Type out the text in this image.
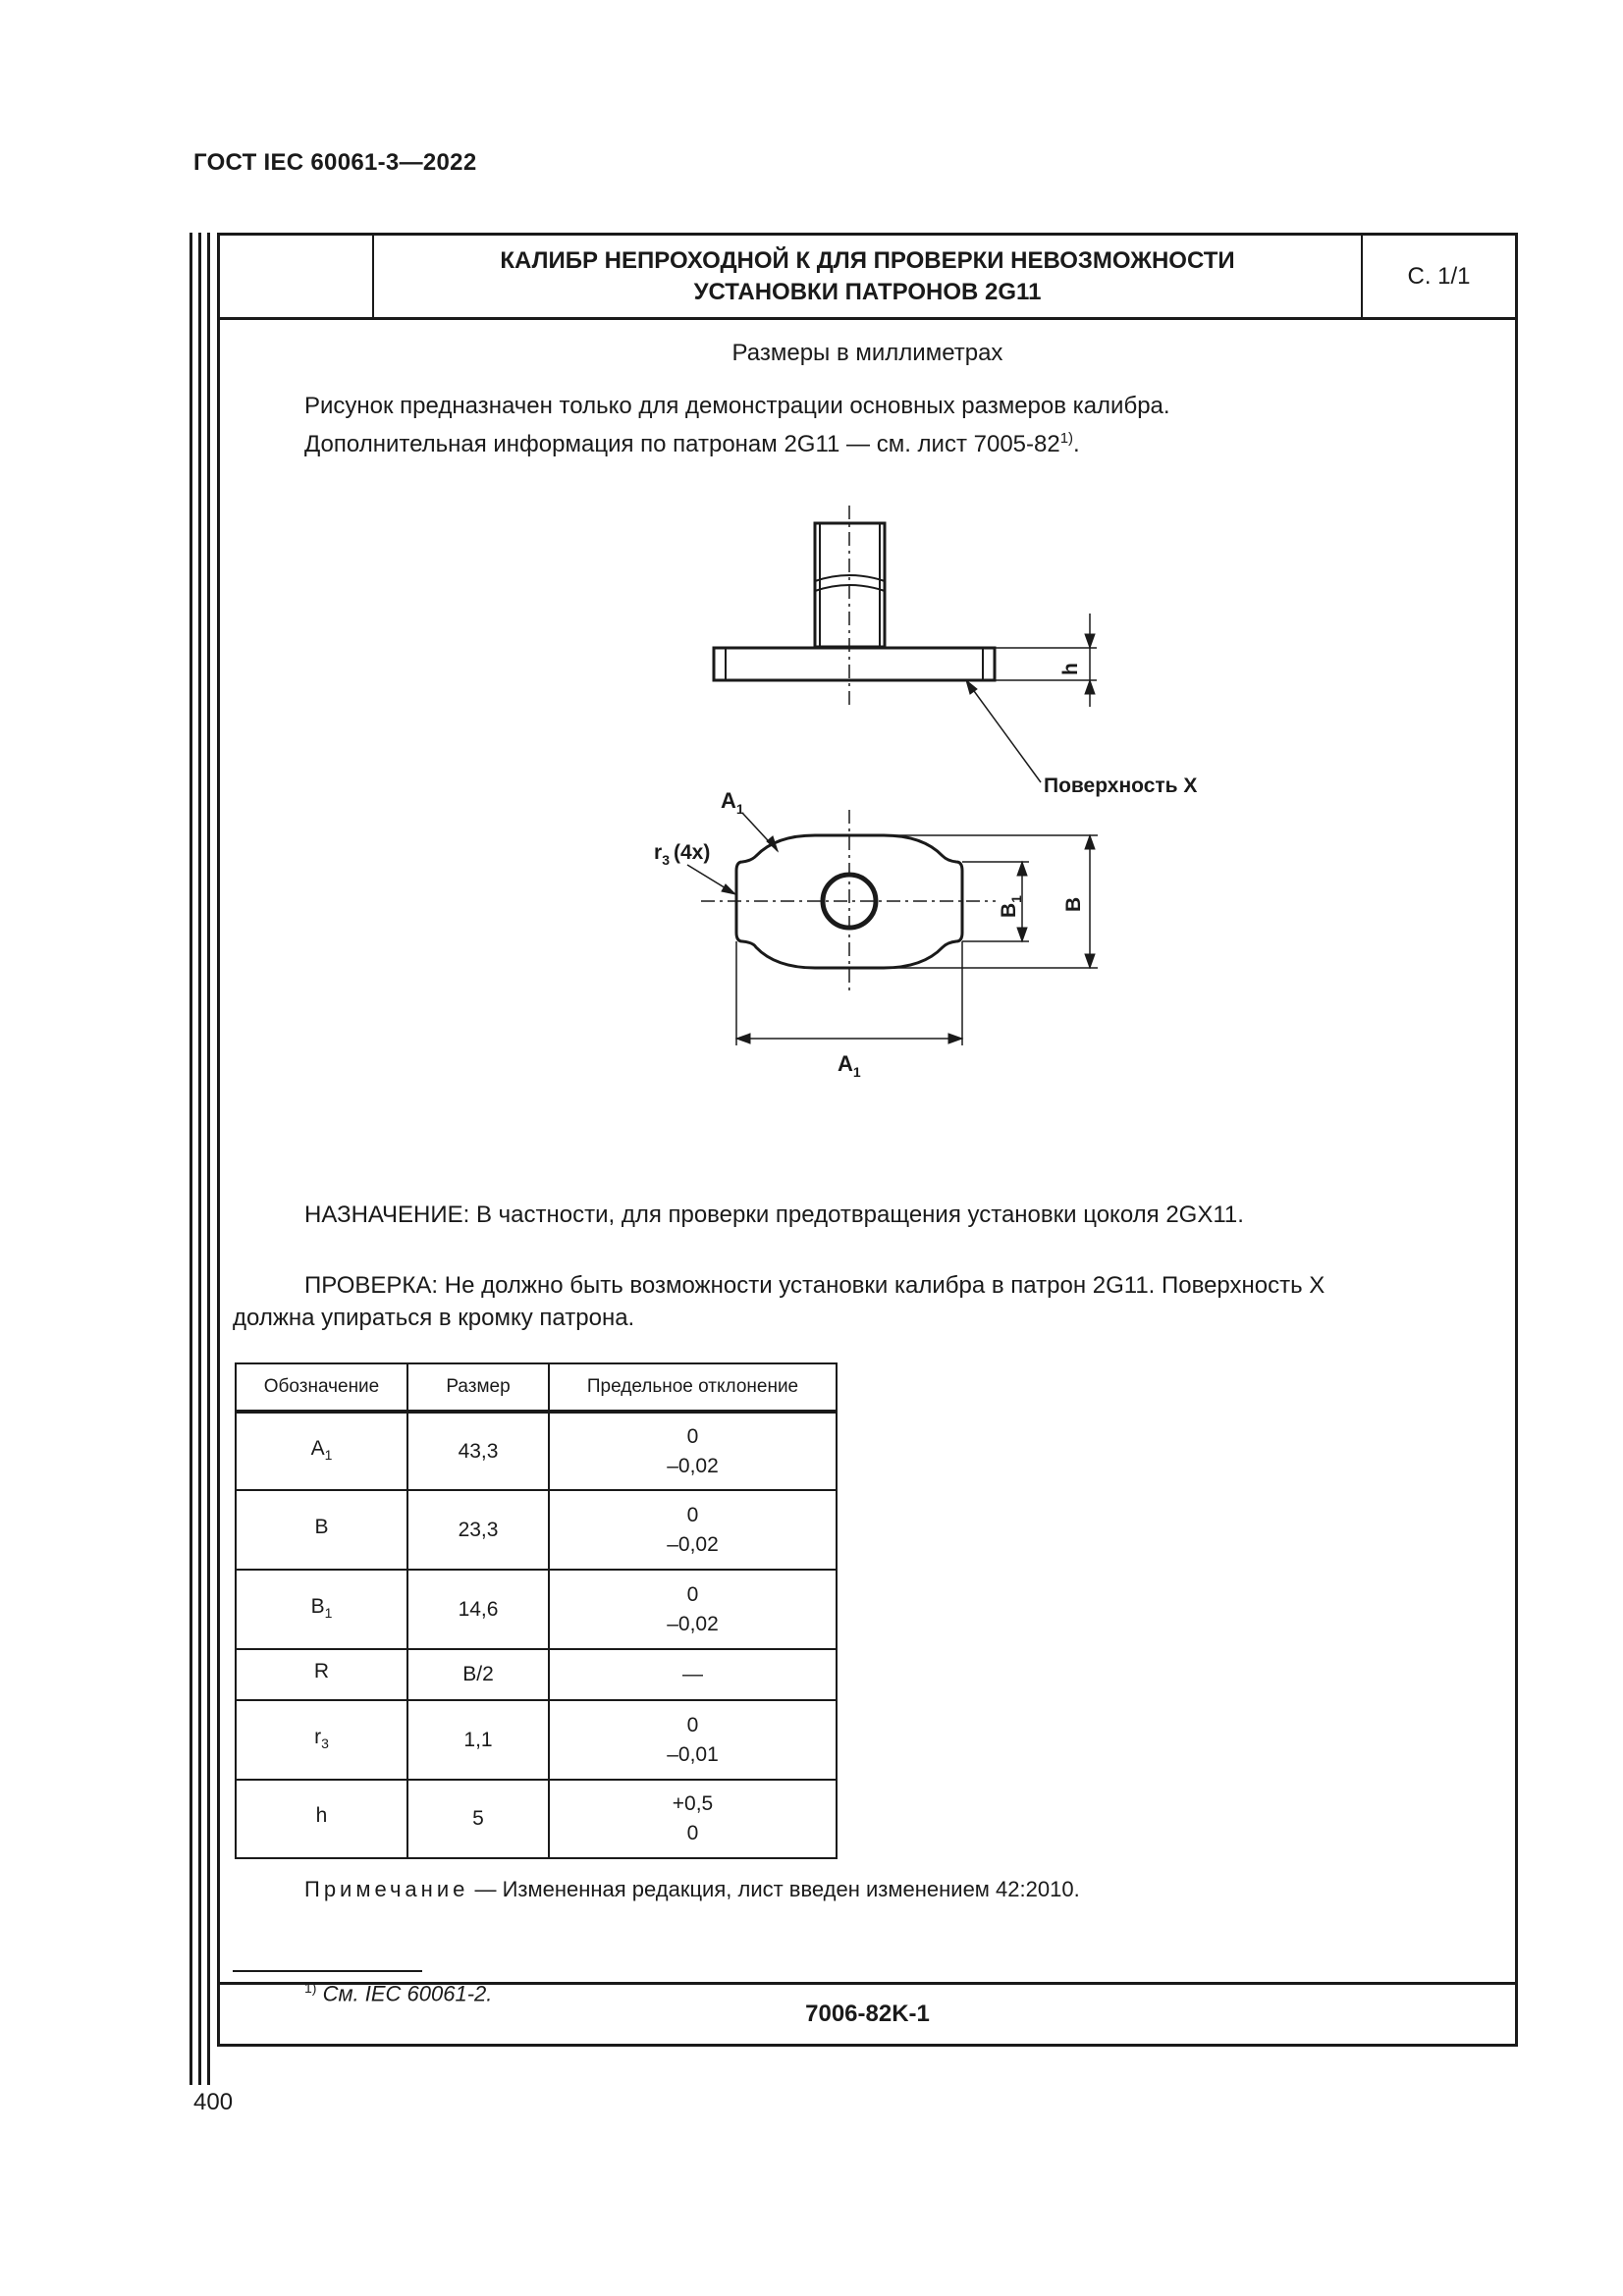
ГОСТ IEC 60061-3—2022
КАЛИБР НЕПРОХОДНОЙ К ДЛЯ ПРОВЕРКИ НЕВОЗМОЖНОСТИ
УСТАНОВКИ ПАТРОНОВ 2G11
С. 1/1
Размеры в миллиметрах
Рисунок предназначен только для демонстрации основных размеров калибра.
Дополнительная информация по патронам 2G11 — см. лист 7005-82$^{1)}$.
Поверхность X
h
$A_1$
$r_3$ (4x)
B
$B_1$
$A_1$
НАЗНАЧЕНИЕ: В частности, для проверки предотвращения установки цоколя 2GX11.
ПРОВЕРКА: Не должно быть возможности установки калибра в патрон 2G11. Поверхность X
должна упираться в кромку патрона.
Обозначение	Размер	Предельное отклонение
$A_1$	43,3	0
–0,02

B	23,3	0
–0,02

$B_1$	14,6	0
–0,02

R	B/2	—
$r_3$	1,1	0
–0,01

h	5	+0,5
0
Примечание — Измененная редакция, лист введен изменением 42:2010.
$^{1)}$ См. IEC 60061-2.
7006-82K-1
400
